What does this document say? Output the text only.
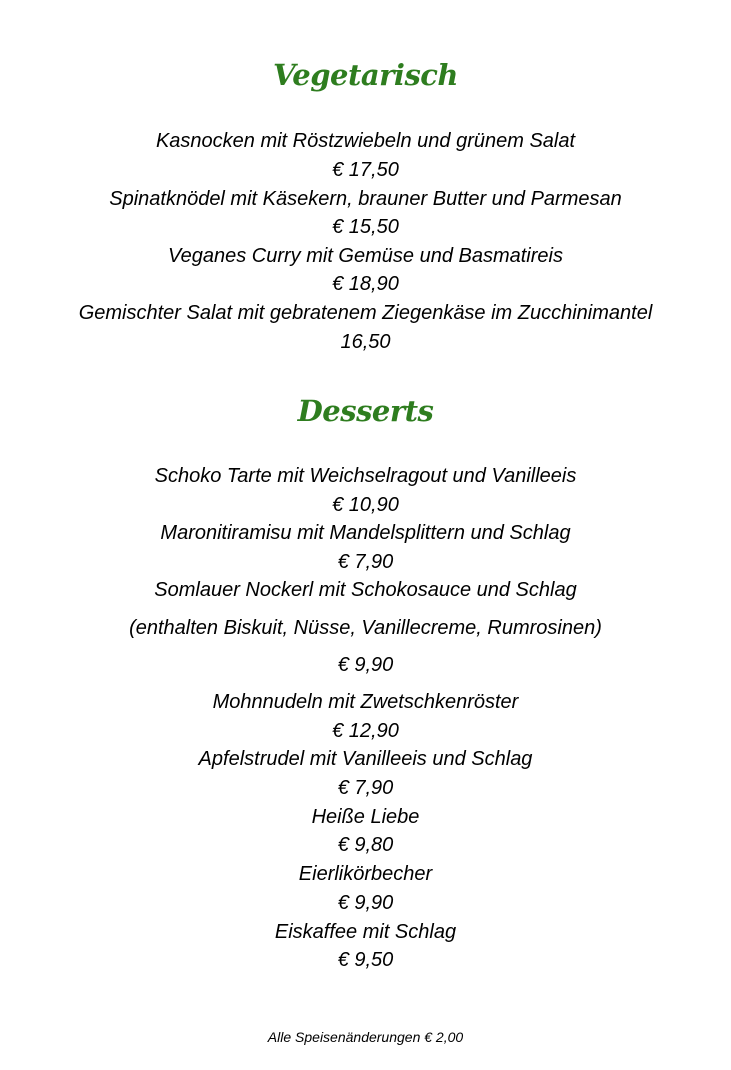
Vegetarisch
Kasnocken mit Röstzwiebeln und grünem Salat
€ 17,50
Spinatknödel mit Käsekern, brauner Butter und Parmesan
€ 15,50
Veganes Curry mit Gemüse und Basmatireis
€ 18,90
Gemischter Salat mit gebratenem Ziegenkäse im Zucchinimantel
16,50
Desserts
Schoko Tarte mit Weichselragout und Vanilleeis
€ 10,90
Maronitiramisu mit Mandelsplittern und Schlag
€ 7,90
Somlauer Nockerl mit Schokosauce und Schlag
(enthalten Biskuit, Nüsse, Vanillecreme, Rumrosinen)
€ 9,90
Mohnnudeln mit Zwetschkenröster
€ 12,90
Apfelstrudel mit Vanilleeis und Schlag
€ 7,90
Heiße Liebe
€ 9,80
Eierlikörbecher
€ 9,90
Eiskaffee mit Schlag
€ 9,50
Alle Speisenänderungen € 2,00
